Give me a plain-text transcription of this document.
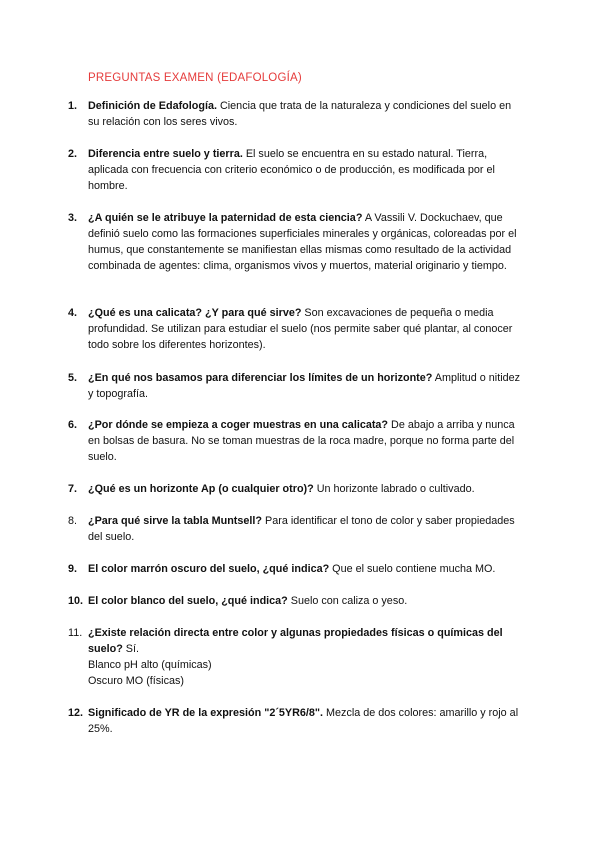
PREGUNTAS EXAMEN (EDAFOLOGÍA)
1.	Definición de Edafología. Ciencia que trata de la naturaleza y condiciones del suelo en su relación con los seres vivos.
2.	Diferencia entre suelo y tierra. El suelo se encuentra en su estado natural. Tierra, aplicada con frecuencia con criterio económico o de producción, es modificada por el hombre.
3.	¿A quién se le atribuye la paternidad de esta ciencia? A Vassili V. Dockuchaev, que definió suelo como las formaciones superficiales minerales y orgánicas, coloreadas por el humus, que constantemente se manifiestan ellas mismas como resultado de la actividad combinada de agentes: clima, organismos vivos y muertos, material originario y tiempo.
4.	¿Qué es una calicata? ¿Y para qué sirve? Son excavaciones de pequeña o media profundidad. Se utilizan para estudiar el suelo (nos permite saber qué plantar, al conocer todo sobre los diferentes horizontes).
5.	¿En qué nos basamos para diferenciar los límites de un horizonte? Amplitud o nitidez y topografía.
6.	¿Por dónde se empieza a coger muestras en una calicata? De abajo a arriba y nunca en bolsas de basura. No se toman muestras de la roca madre, porque no forma parte del suelo.
7.	¿Qué es un horizonte Ap (o cualquier otro)? Un horizonte labrado o cultivado.
8.	¿Para qué sirve la tabla Muntsell? Para identificar el tono de color y saber propiedades del suelo.
9.	El color marrón oscuro del suelo, ¿qué indica? Que el suelo contiene mucha MO.
10. El color blanco del suelo, ¿qué indica? Suelo con caliza o yeso.
11. ¿Existe relación directa entre color y algunas propiedades físicas o químicas del suelo? Sí.
Blanco pH alto (químicas)
Oscuro MO (físicas)
12. Significado de YR de la expresión "2´5YR6/8". Mezcla de dos colores: amarillo y rojo al 25%.
